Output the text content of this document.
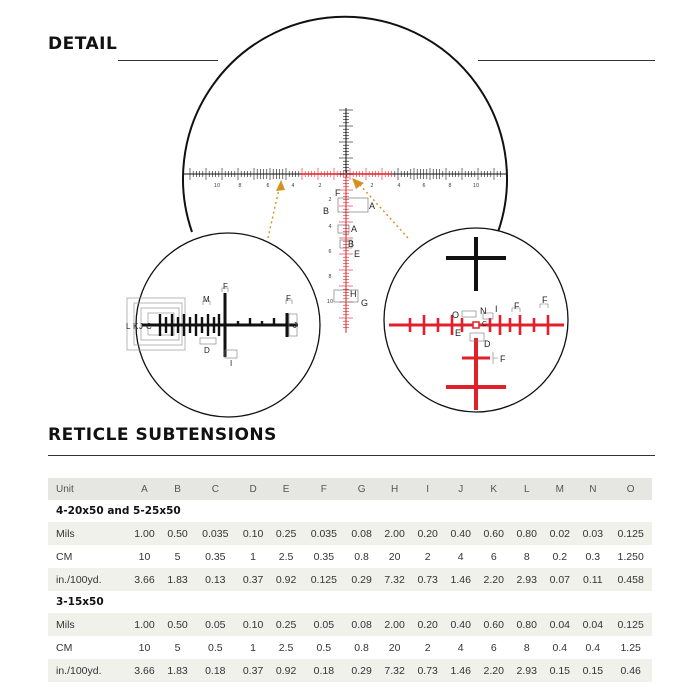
DETAIL
RETICLE SUBTENSIONS
10	8	6	4	2	2	4	6	8	10
2
4
6
8
10
F
B	A
A
B
E
H
G
F
M	F
L K J C	J
D
I
N
O
I F
F
C
E
D
F
Unit	A	B	C	D	E	F	G	H	I	J	K	L	M	N	O
4-20x50 and 5-25x50															
Mils	1.00	0.50	0.035	0.10	0.25	0.035	0.08	2.00	0.20	0.40	0.60	0.80	0.02	0.03	0.125
CM	10	5	0.35	1	2.5	0.35	0.8	20	2	4	6	8	0.2	0.3	1.250
in./100yd.	3.66	1.83	0.13	0.37	0.92	0.125	0.29	7.32	0.73	1.46	2.20	2.93	0.07	0.11	0.458
3-15x50															
Mils	1.00	0.50	0.05	0.10	0.25	0.05	0.08	2.00	0.20	0.40	0.60	0.80	0.04	0.04	0.125
CM	10	5	0.5	1	2.5	0.5	0.8	20	2	4	6	8	0.4	0.4	1.25
in./100yd.	3.66	1.83	0.18	0.37	0.92	0.18	0.29	7.32	0.73	1.46	2.20	2.93	0.15	0.15	0.46
